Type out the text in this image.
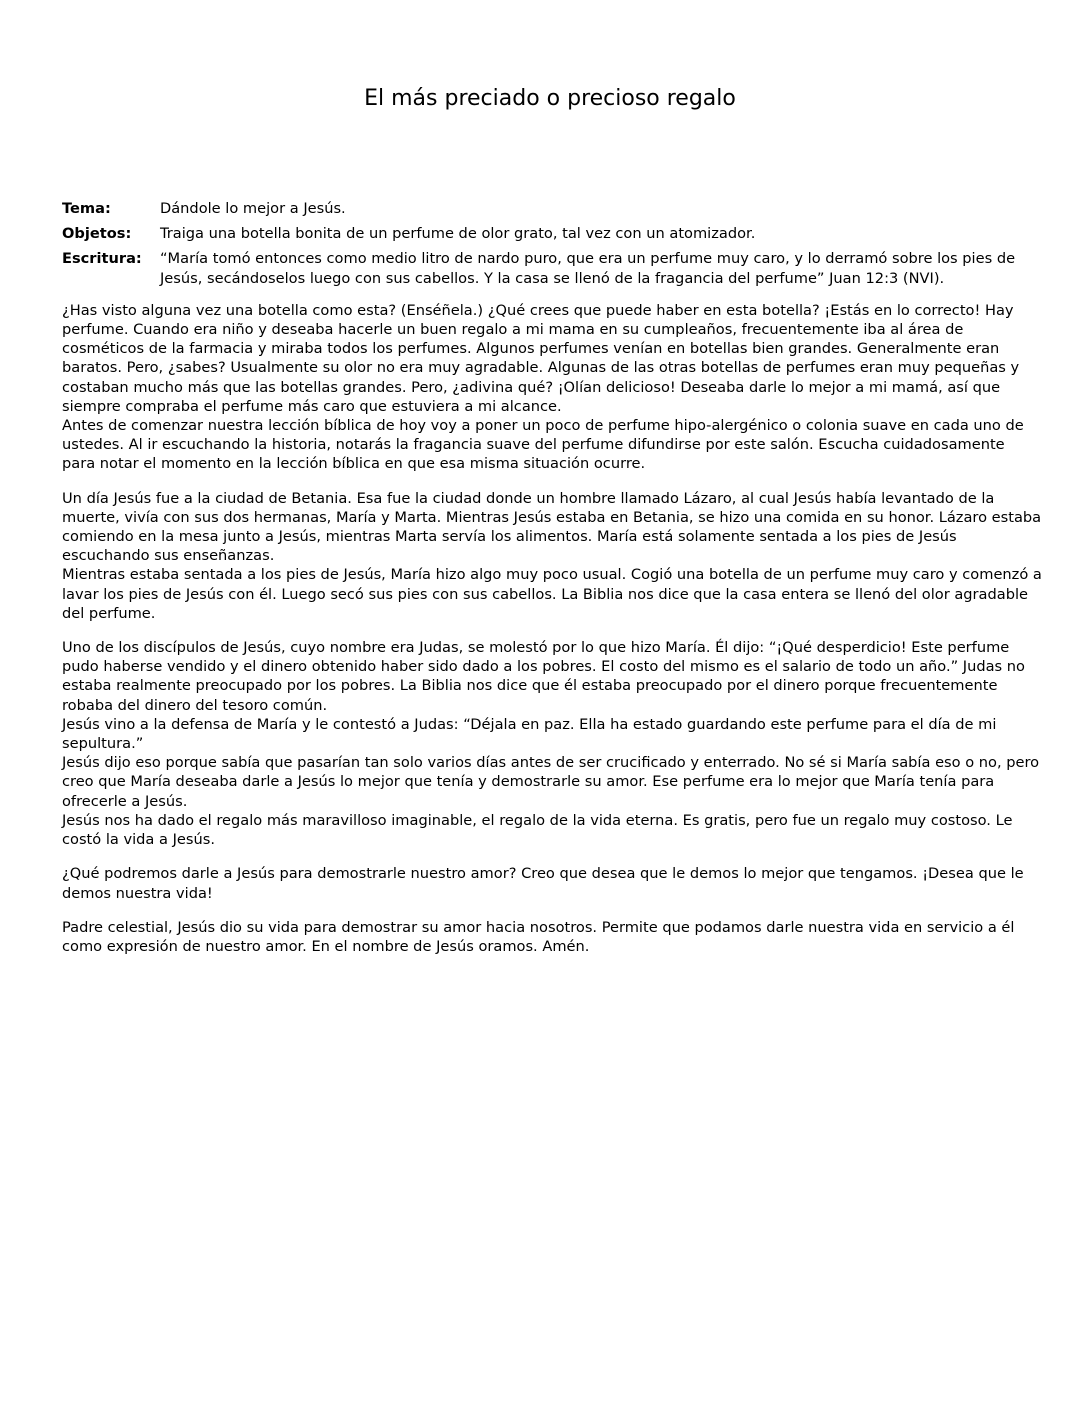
El más preciado o precioso regalo
Tema:	Dándole lo mejor a Jesús.
Objetos:	Traiga una botella bonita de un perfume de olor grato, tal vez con un atomizador.
Escritura:	“María tomó entonces como medio litro de nardo puro, que era un perfume muy caro, y lo derramó sobre los pies de Jesús, secándoselos luego con sus cabellos. Y la casa se llenó de la fragancia del perfume” Juan 12:3 (NVI).
¿Has visto alguna vez una botella como esta? (Enséñela.) ¿Qué crees que puede haber en esta botella? ¡Estás en lo correcto! Hay perfume. Cuando era niño y deseaba hacerle un buen regalo a mi mama en su cumpleaños, frecuentemente iba al área de cosméticos de la farmacia y miraba todos los perfumes. Algunos perfumes venían en botellas bien grandes. Generalmente eran baratos. Pero, ¿sabes? Usualmente su olor no era muy agradable. Algunas de las otras botellas de perfumes eran muy pequeñas y costaban mucho más que las botellas grandes. Pero, ¿adivina qué? ¡Olían delicioso! Deseaba darle lo mejor a mi mamá, así que siempre compraba el perfume más caro que estuviera a mi alcance.
Antes de comenzar nuestra lección bíblica de hoy voy a poner un poco de perfume hipo-alergénico o colonia suave en cada uno de ustedes. Al ir escuchando la historia, notarás la fragancia suave del perfume difundirse por este salón. Escucha cuidadosamente para notar el momento en la lección bíblica en que esa misma situación ocurre.
Un día Jesús fue a la ciudad de Betania. Esa fue la ciudad donde un hombre llamado Lázaro, al cual Jesús había levantado de la muerte, vivía con sus dos hermanas, María y Marta. Mientras Jesús estaba en Betania, se hizo una comida en su honor. Lázaro estaba comiendo en la mesa junto a Jesús, mientras Marta servía los alimentos. María está solamente sentada a los pies de Jesús escuchando sus enseñanzas.
Mientras estaba sentada a los pies de Jesús, María hizo algo muy poco usual. Cogió una botella de un perfume muy caro y comenzó a lavar los pies de Jesús con él. Luego secó sus pies con sus cabellos. La Biblia nos dice que la casa entera se llenó del olor agradable del perfume.
Uno de los discípulos de Jesús, cuyo nombre era Judas, se molestó por lo que hizo María. Él dijo: “¡Qué desperdicio! Este perfume pudo haberse vendido y el dinero obtenido haber sido dado a los pobres. El costo del mismo es el salario de todo un año.” Judas no estaba realmente preocupado por los pobres. La Biblia nos dice que él estaba preocupado por el dinero porque frecuentemente robaba del dinero del tesoro común.
Jesús vino a la defensa de María y le contestó a Judas: “Déjala en paz. Ella ha estado guardando este perfume para el día de mi sepultura.”
Jesús dijo eso porque sabía que pasarían tan solo varios días antes de ser crucificado y enterrado. No sé si María sabía eso o no, pero creo que María deseaba darle a Jesús lo mejor que tenía y demostrarle su amor. Ese perfume era lo mejor que María tenía para ofrecerle a Jesús.
Jesús nos ha dado el regalo más maravilloso imaginable, el regalo de la vida eterna. Es gratis, pero fue un regalo muy costoso. Le costó la vida a Jesús.
¿Qué podremos darle a Jesús para demostrarle nuestro amor? Creo que desea que le demos lo mejor que tengamos. ¡Desea que le demos nuestra vida!
Padre celestial, Jesús dio su vida para demostrar su amor hacia nosotros. Permite que podamos darle nuestra vida en servicio a él como expresión de nuestro amor. En el nombre de Jesús oramos. Amén.
